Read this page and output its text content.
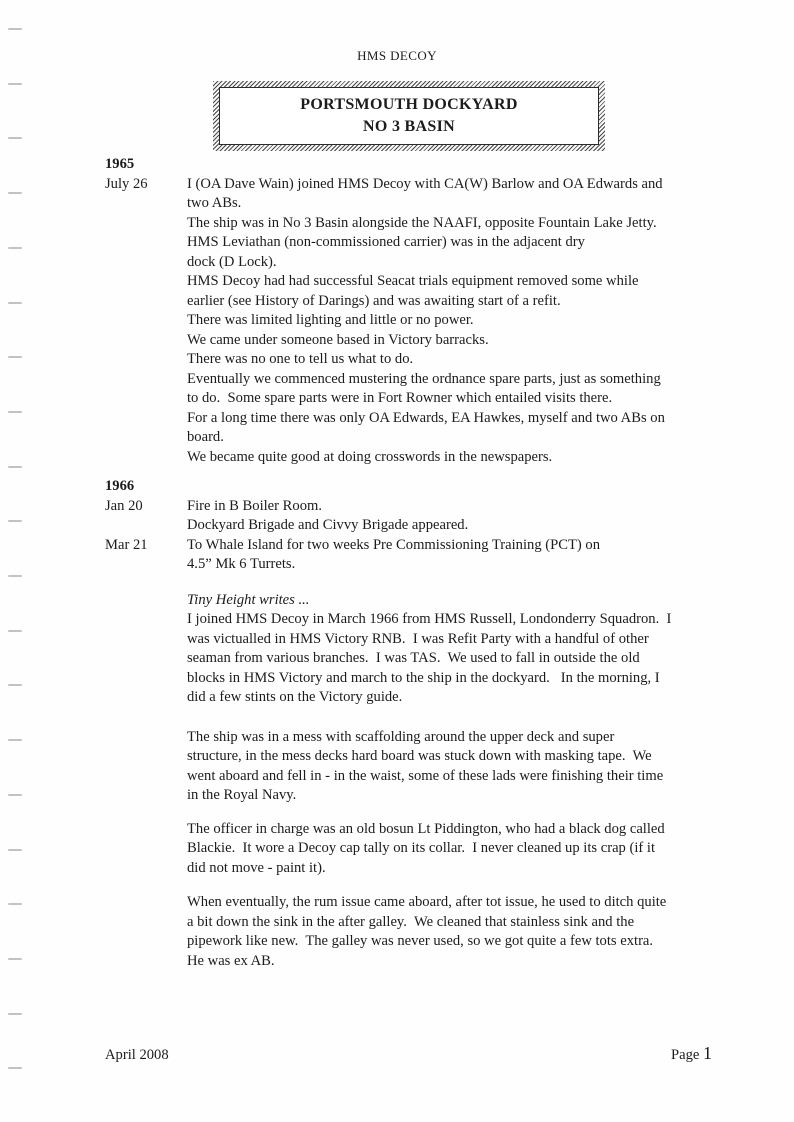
HMS DECOY
PORTSMOUTH DOCKYARD
NO 3 BASIN
1965
July 26	I (OA Dave Wain) joined HMS Decoy with CA(W) Barlow and OA Edwards and
two ABs.
The ship was in No 3 Basin alongside the NAAFI, opposite Fountain Lake Jetty.
HMS Leviathan (non-commissioned carrier) was in the adjacent dry
dock (D Lock).
HMS Decoy had had successful Seacat trials equipment removed some while
earlier (see History of Darings) and was awaiting start of a refit.
There was limited lighting and little or no power.
We came under someone based in Victory barracks.
There was no one to tell us what to do.
Eventually we commenced mustering the ordnance spare parts, just as something
to do.  Some spare parts were in Fort Rowner which entailed visits there.
For a long time there was only OA Edwards, EA Hawkes, myself and two ABs on
board.
We became quite good at doing crosswords in the newspapers.
1966
Jan 20	Fire in B Boiler Room.
Dockyard Brigade and Civvy Brigade appeared.
Mar 21	To Whale Island for two weeks Pre Commissioning Training (PCT) on
4.5” Mk 6 Turrets.
Tiny Height writes ...
I joined HMS Decoy in March 1966 from HMS Russell, Londonderry Squadron.  I
was victualled in HMS Victory RNB.  I was Refit Party with a handful of other
seaman from various branches.  I was TAS.  We used to fall in outside the old
blocks in HMS Victory and march to the ship in the dockyard.   In the morning, I
did a few stints on the Victory guide.
The ship was in a mess with scaffolding around the upper deck and super
structure, in the mess decks hard board was stuck down with masking tape.  We
went aboard and fell in - in the waist, some of these lads were finishing their time
in the Royal Navy.
The officer in charge was an old bosun Lt Piddington, who had a black dog called
Blackie.  It wore a Decoy cap tally on its collar.  I never cleaned up its crap (if it
did not move - paint it).
When eventually, the rum issue came aboard, after tot issue, he used to ditch quite
a bit down the sink in the after galley.  We cleaned that stainless sink and the
pipework like new.  The galley was never used, so we got quite a few tots extra.
He was ex AB.
April 2008	Page 1
